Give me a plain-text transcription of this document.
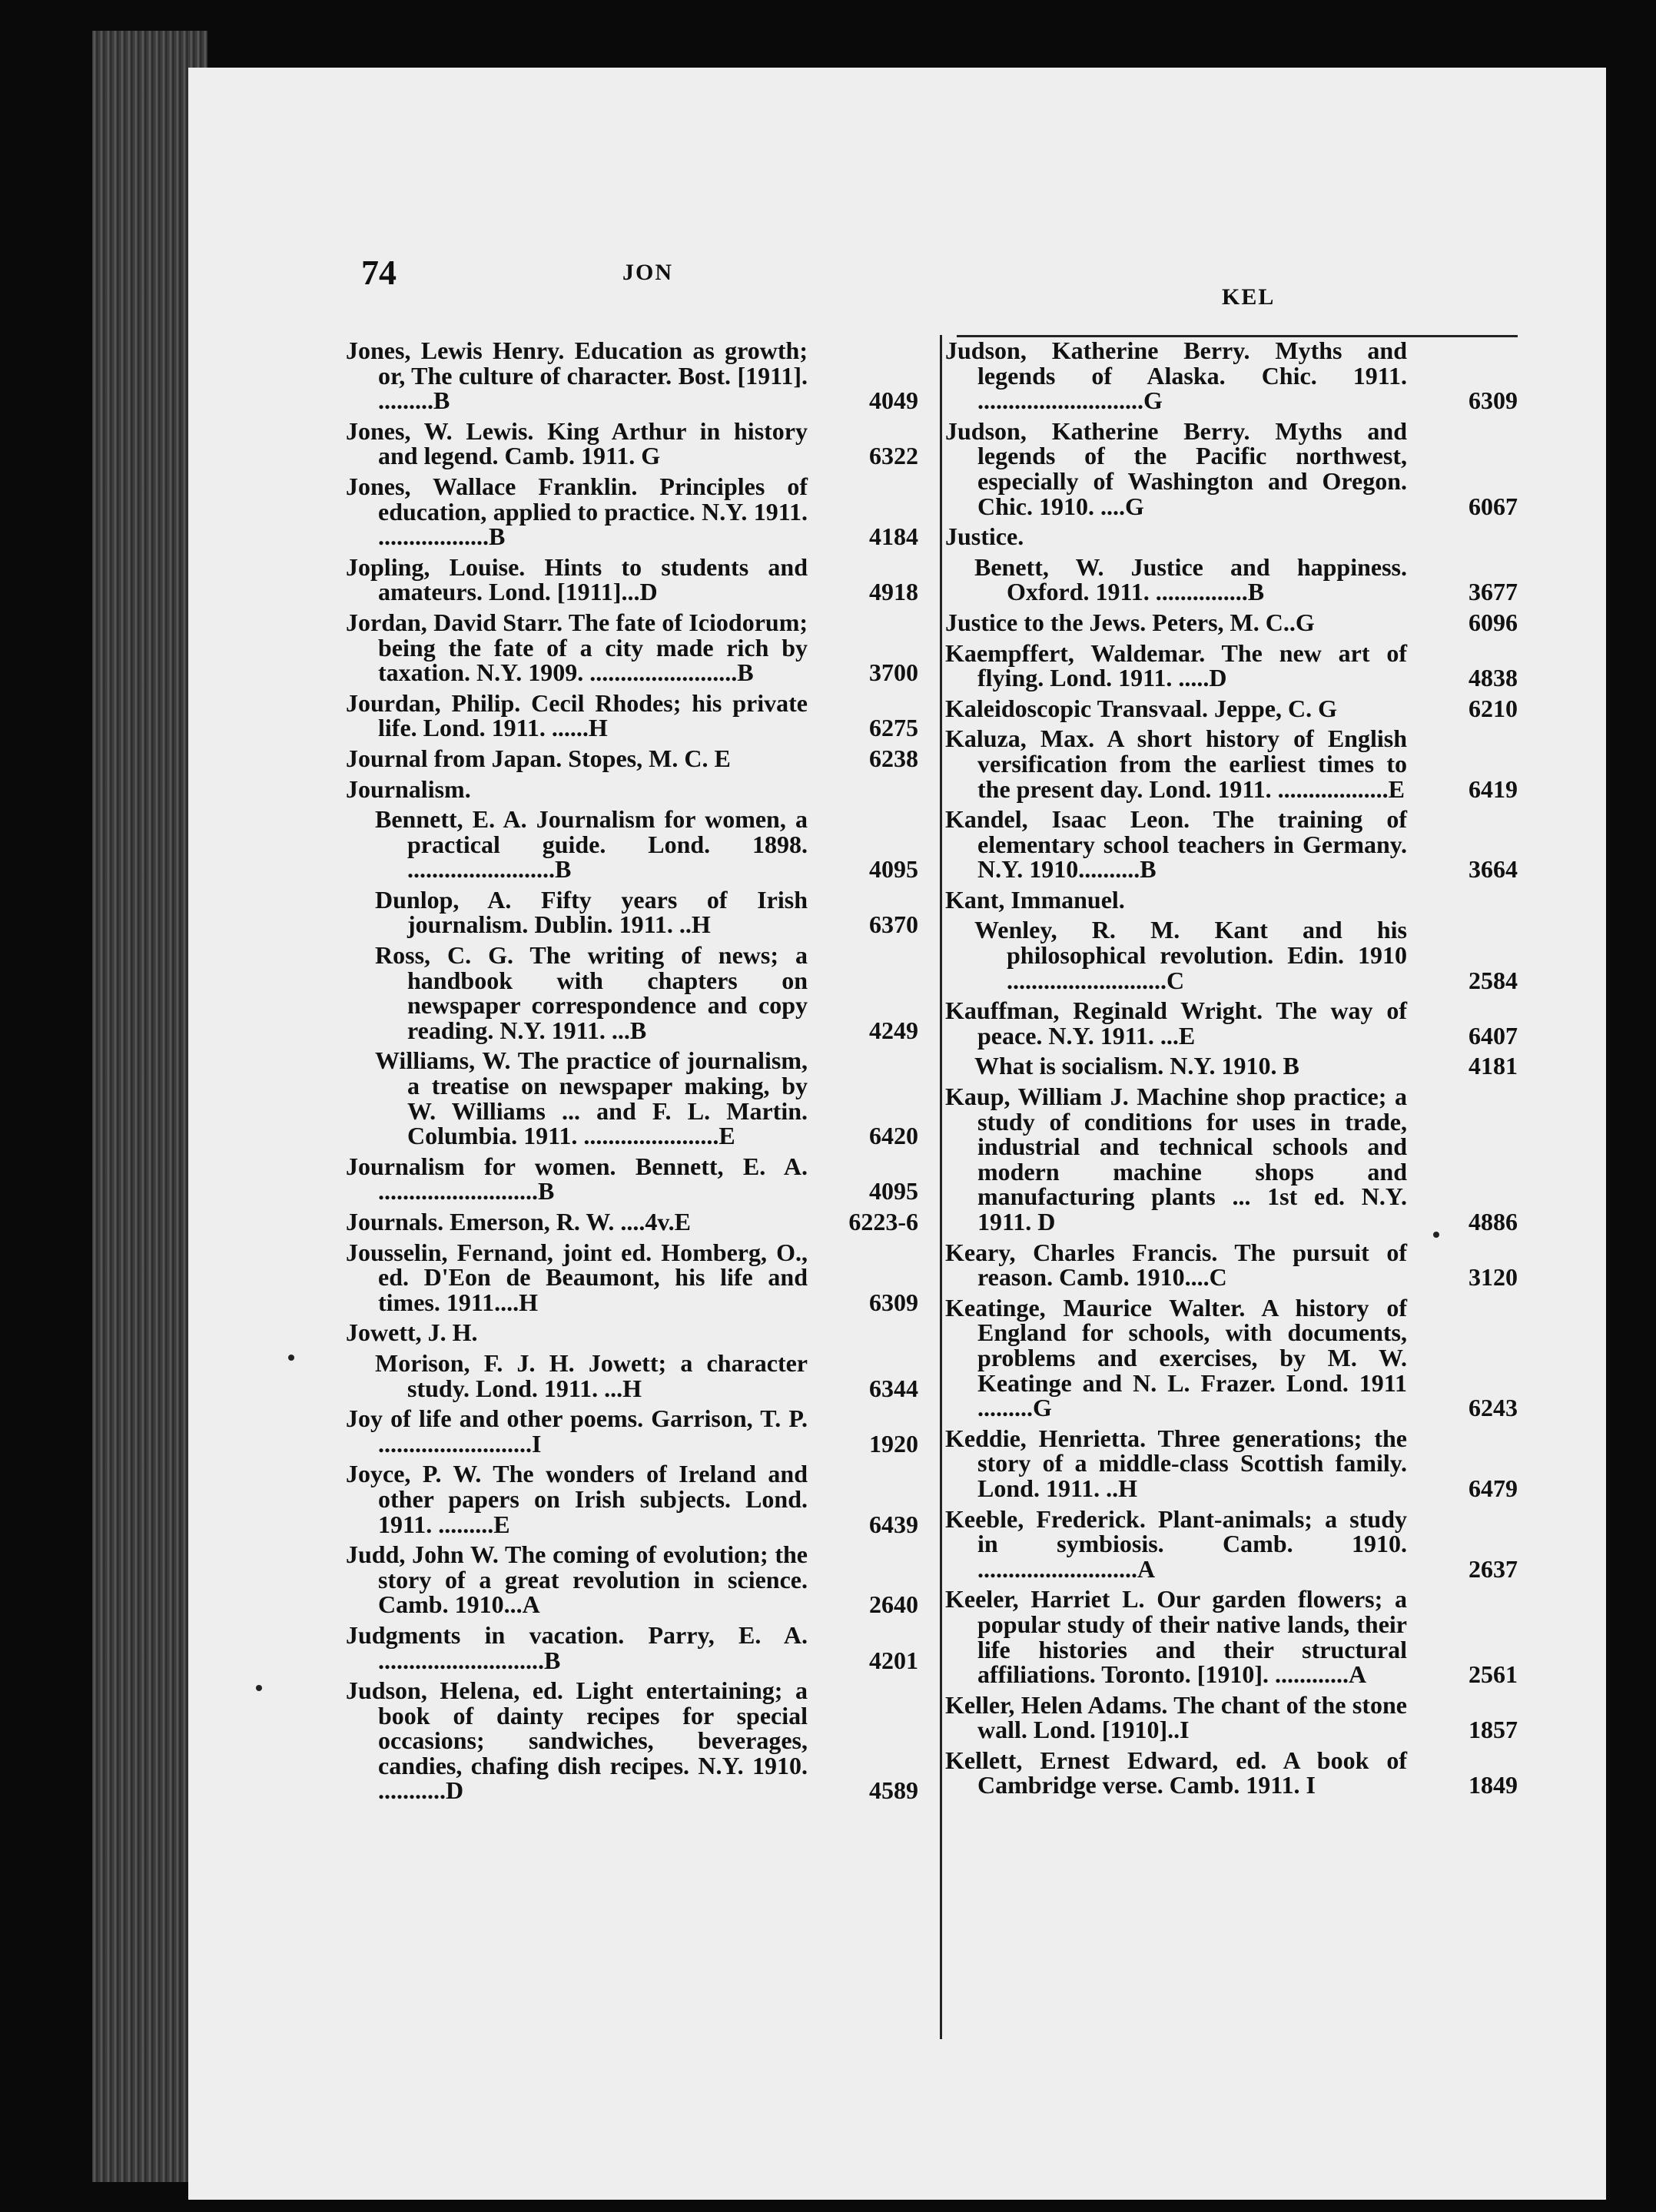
74	JON
KEL
Jones, Lewis Henry. Education as growth; or, The culture of character. Bost. [1911]. .........B	4049
Jones, W. Lewis. King Arthur in history and legend. Camb. 1911. G	6322
Jones, Wallace Franklin. Principles of education, applied to practice. N.Y. 1911. ..................B	4184
Jopling, Louise. Hints to students and amateurs. Lond. [1911]...D	4918
Jordan, David Starr. The fate of Iciodorum; being the fate of a city made rich by taxation. N.Y. 1909. ........................B	3700
Jourdan, Philip. Cecil Rhodes; his private life. Lond. 1911. ......H	6275
Journal from Japan. Stopes, M. C. E	6238
Journalism.
Bennett, E. A. Journalism for women, a practical guide. Lond. 1898. ........................B	4095
Dunlop, A. Fifty years of Irish journalism. Dublin. 1911. ..H	6370
Ross, C. G. The writing of news; a handbook with chapters on newspaper correspondence and copy reading. N.Y. 1911. ...B	4249
Williams, W. The practice of journalism, a treatise on newspaper making, by W. Williams ... and F. L. Martin. Columbia. 1911. ......................E	6420
Journalism for women. Bennett, E. A. ..........................B	4095
Journals. Emerson, R. W. ....4v.E	6223-6
Jousselin, Fernand, joint ed. Homberg, O., ed. D'Eon de Beaumont, his life and times. 1911....H	6309
Jowett, J. H.
Morison, F. J. H. Jowett; a character study. Lond. 1911. ...H	6344
Joy of life and other poems. Garrison, T. P. .........................I	1920
Joyce, P. W. The wonders of Ireland and other papers on Irish subjects. Lond. 1911. .........E	6439
Judd, John W. The coming of evolution; the story of a great revolution in science. Camb. 1910...A	2640
Judgments in vacation. Parry, E. A. ...........................B	4201
Judson, Helena, ed. Light entertaining; a book of dainty recipes for special occasions; sandwiches, beverages, candies, chafing dish recipes. N.Y. 1910. ...........D	4589
Judson, Katherine Berry. Myths and legends of Alaska. Chic. 1911. ...........................G	6309
Judson, Katherine Berry. Myths and legends of the Pacific northwest, especially of Washington and Oregon. Chic. 1910. ....G	6067
Justice.
Benett, W. Justice and happiness. Oxford. 1911. ...............B	3677
Justice to the Jews. Peters, M. C..G	6096
Kaempffert, Waldemar. The new art of flying. Lond. 1911. .....D	4838
Kaleidoscopic Transvaal. Jeppe, C. G	6210
Kaluza, Max. A short history of English versification from the earliest times to the present day. Lond. 1911. ..................E	6419
Kandel, Isaac Leon. The training of elementary school teachers in Germany. N.Y. 1910..........B	3664
Kant, Immanuel.
Wenley, R. M. Kant and his philosophical revolution. Edin. 1910 ..........................C	2584
Kauffman, Reginald Wright. The way of peace. N.Y. 1911. ...E	6407
What is socialism. N.Y. 1910. B	4181
Kaup, William J. Machine shop practice; a study of conditions for uses in trade, industrial and technical schools and modern machine shops and manufacturing plants ... 1st ed. N.Y. 1911. D	4886
Keary, Charles Francis. The pursuit of reason. Camb. 1910....C	3120
Keatinge, Maurice Walter. A history of England for schools, with documents, problems and exercises, by M. W. Keatinge and N. L. Frazer. Lond. 1911 .........G	6243
Keddie, Henrietta. Three generations; the story of a middle-class Scottish family. Lond. 1911. ..H	6479
Keeble, Frederick. Plant-animals; a study in symbiosis. Camb. 1910. ..........................A	2637
Keeler, Harriet L. Our garden flowers; a popular study of their native lands, their life histories and their structural affiliations. Toronto. [1910]. ............A	2561
Keller, Helen Adams. The chant of the stone wall. Lond. [1910]..I	1857
Kellett, Ernest Edward, ed. A book of Cambridge verse. Camb. 1911. I	1849
